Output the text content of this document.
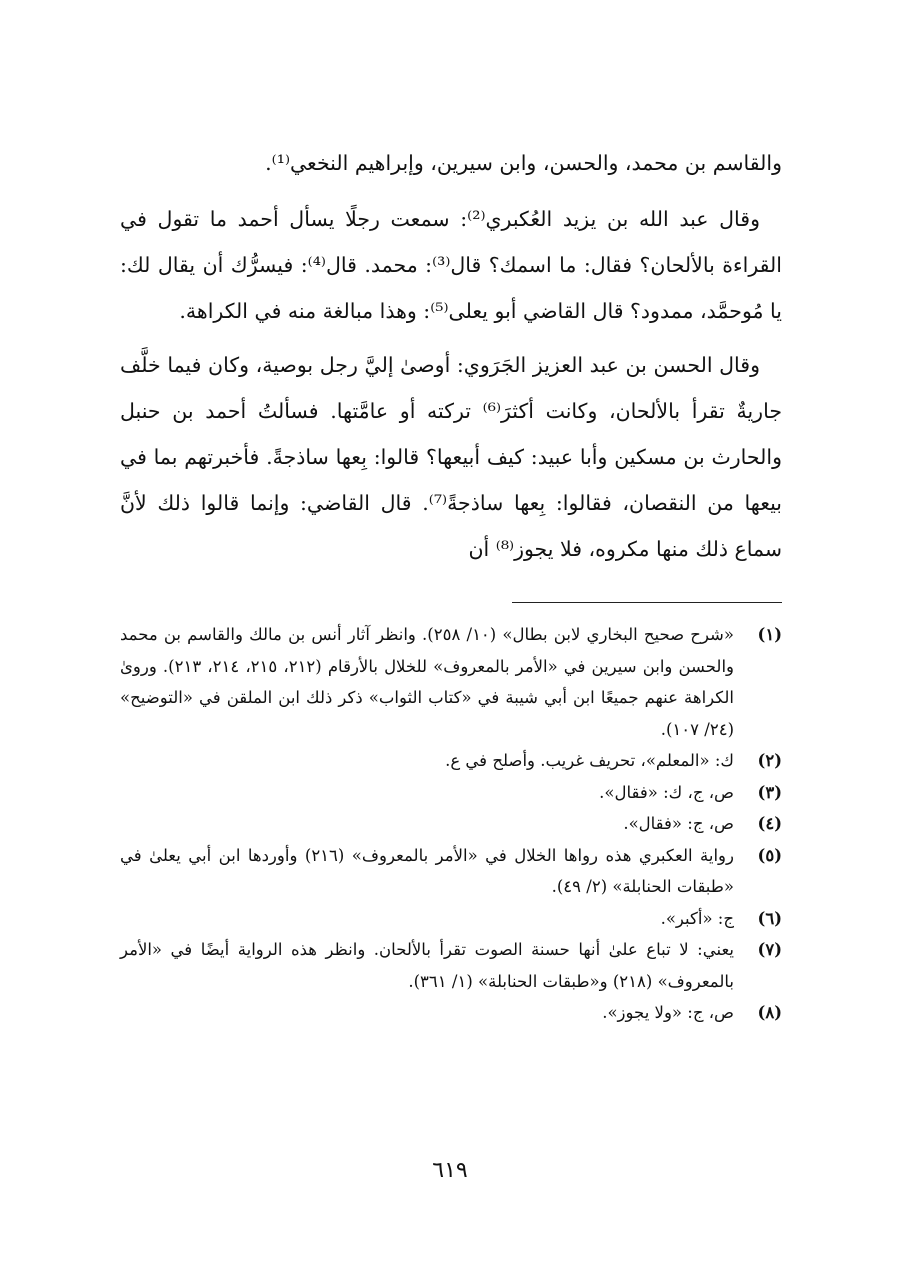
والقاسم بن محمد، والحسن، وابن سيرين، وإبراهيم النخعي⁽¹⁾.

وقال عبد الله بن يزيد العُكبري⁽²⁾: سمعت رجلًا يسأل أحمد ما تقول في القراءة بالألحان؟ فقال: ما اسمك؟ قال⁽³⁾: محمد. قال⁽⁴⁾: فيسرُّك أن يقال لك: يا مُوحمَّد، ممدود؟ قال القاضي أبو يعلى⁽⁵⁾: وهذا مبالغة منه في الكراهة.

وقال الحسن بن عبد العزيز الجَرَوي: أوصىٰ إليَّ رجل بوصية، وكان فيما خلَّف جاريةٌ تقرأ بالألحان، وكانت أكثرَ⁽⁶⁾ تركته أو عامَّتها. فسألتُ أحمد بن حنبل والحارث بن مسكين وأبا عبيد: كيف أبيعها؟ قالوا: بِعها ساذجةً. فأخبرتهم بما في بيعها من النقصان، فقالوا: بِعها ساذجةً⁽⁷⁾. قال القاضي: وإنما قالوا ذلك لأنَّ سماع ذلك منها مكروه، فلا يجوز⁽⁸⁾ أن

(١)
«شرح صحيح البخاري لابن بطال» (١٠/ ٢٥٨). وانظر آثار أنس بن مالك والقاسم بن محمد والحسن وابن سيرين في «الأمر بالمعروف» للخلال بالأرقام (٢١٢، ٢١٥، ٢١٤، ٢١٣). وروىٰ الكراهة عنهم جميعًا ابن أبي شيبة في «كتاب الثواب» ذكر ذلك ابن الملقن في «التوضيح» (٢٤/ ١٠٧).
(٢)
ك: «المعلم»، تحريف غريب. وأصلح في ع.
(٣)
ص، ج، ك: «فقال».
(٤)
ص، ج: «فقال».
(٥)
رواية العكبري هذه رواها الخلال في «الأمر بالمعروف» (٢١٦) وأوردها ابن أبي يعلىٰ في «طبقات الحنابلة» (٢/ ٤٩).
(٦)
ج: «أكبر».
(٧)
يعني: لا تباع علىٰ أنها حسنة الصوت تقرأ بالألحان. وانظر هذه الرواية أيضًا في «الأمر بالمعروف» (٢١٨) و«طبقات الحنابلة» (١/ ٣٦١).
(٨)
ص، ج: «ولا يجوز».
٦١٩
